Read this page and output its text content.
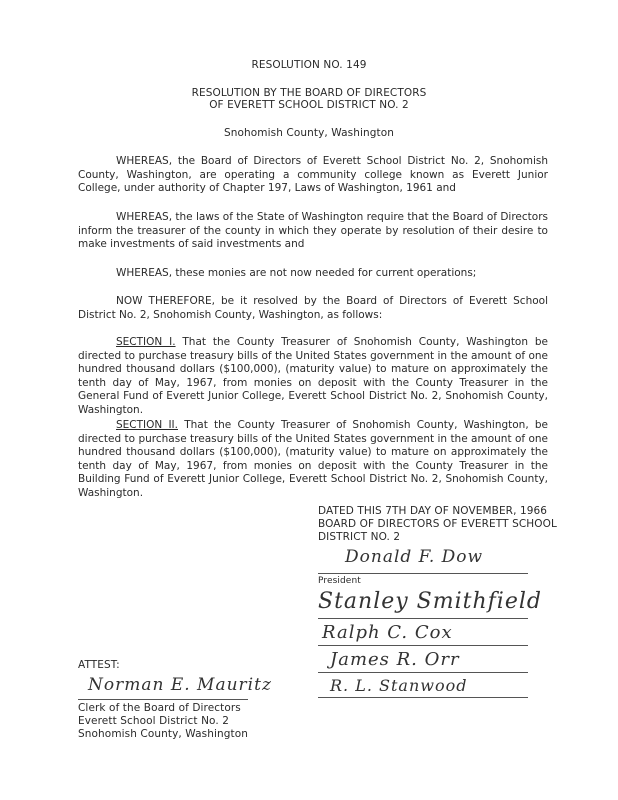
RESOLUTION NO. 149
RESOLUTION BY THE BOARD OF DIRECTORS
OF EVERETT SCHOOL DISTRICT NO. 2
Snohomish County, Washington
WHEREAS, the Board of Directors of Everett School District No. 2, Snohomish County, Washington, are operating a community college known as Everett Junior College, under authority of Chapter 197, Laws of Washington, 1961 and
WHEREAS, the laws of the State of Washington require that the Board of Directors inform the treasurer of the county in which they operate by resolution of their desire to make investments of said investments and
WHEREAS, these monies are not now needed for current operations;
NOW THEREFORE, be it resolved by the Board of Directors of Everett School District No. 2, Snohomish County, Washington, as follows:
SECTION I. That the County Treasurer of Snohomish County, Washington be directed to purchase treasury bills of the United States government in the amount of one hundred thousand dollars ($100,000), (maturity value) to mature on approximately the tenth day of May, 1967, from monies on deposit with the County Treasurer in the General Fund of Everett Junior College, Everett School District No. 2, Snohomish County, Washington.
SECTION II. That the County Treasurer of Snohomish County, Washington, be directed to purchase treasury bills of the United States government in the amount of one hundred thousand dollars ($100,000), (maturity value) to mature on approximately the tenth day of May, 1967, from monies on deposit with the County Treasurer in the Building Fund of Everett Junior College, Everett School District No. 2, Snohomish County, Washington.
DATED THIS 7TH DAY OF NOVEMBER, 1966
BOARD OF DIRECTORS OF EVERETT SCHOOL
DISTRICT NO. 2
Donald F. Dow
President
Stanley Smithfield
Ralph C. Cox
James R. Orr
R. L. Stanwood
ATTEST:
Norman E. Mauritz
Clerk of the Board of Directors
Everett School District No. 2
Snohomish County, Washington
